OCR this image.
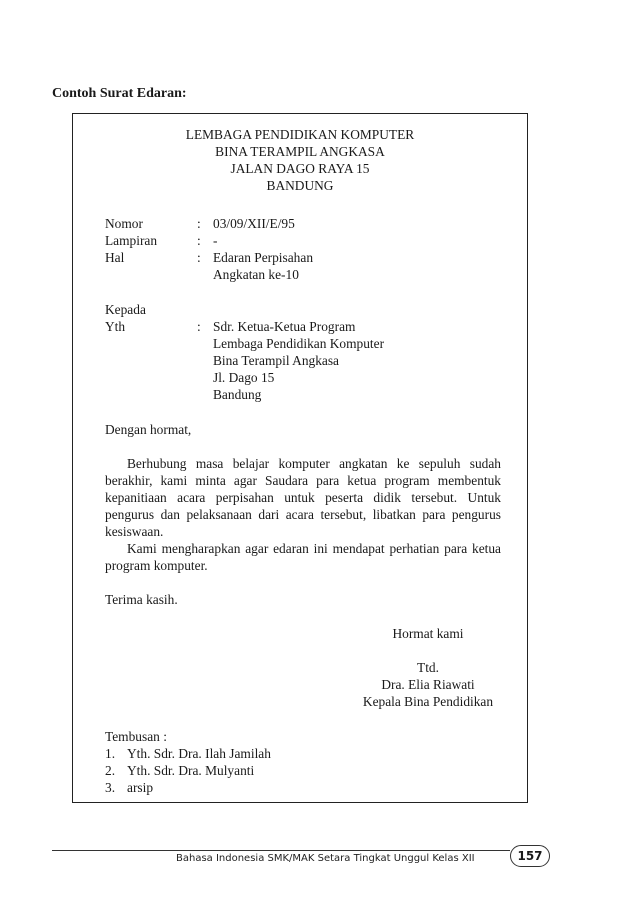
Contoh Surat Edaran:
LEMBAGA PENDIDIKAN KOMPUTER
BINA TERAMPIL ANGKASA
JALAN DAGO RAYA 15
BANDUNG
Nomor	: 03/09/XII/E/95
Lampiran	: -
Hal	: Edaran Perpisahan
Angkatan ke-10
Kepada
Yth	: Sdr. Ketua-Ketua Program
Lembaga Pendidikan Komputer
Bina Terampil Angkasa
Jl. Dago 15
Bandung
Dengan hormat,

Berhubung masa belajar komputer angkatan ke sepuluh sudah berakhir, kami minta agar Saudara para ketua program membentuk kepanitiaan acara perpisahan untuk peserta didik tersebut. Untuk pengurus dan pelaksanaan dari acara tersebut, libatkan para pengurus kesiswaan.

Kami mengharapkan agar edaran ini mendapat perhatian para ketua program komputer.

Terima kasih.
Hormat kami
Ttd.
Dra. Elia Riawati
Kepala Bina Pendidikan
Tembusan :
1. Yth. Sdr. Dra. Ilah Jamilah
2. Yth. Sdr. Dra. Mulyanti
3. arsip
Bahasa Indonesia SMK/MAK Setara Tingkat Unggul Kelas XII	157
